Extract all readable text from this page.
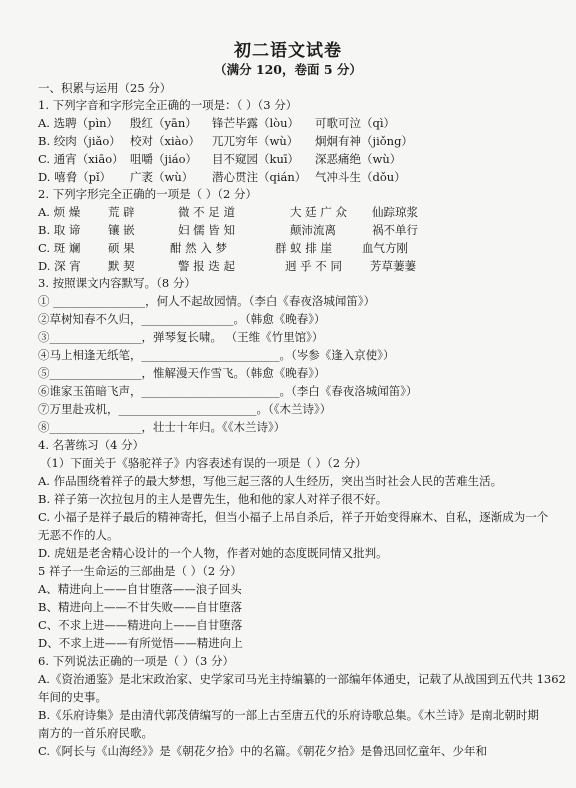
初二语文试卷
（满分 120，卷面 5 分）
一、积累与运用（25 分）
1. 下列字音和字形完全正确的一项是：（ ）（3 分）
A. 选聘（pìn） 殷红（yān） 锋芒毕露（lòu） 可歌可泣（qì）
B. 绞肉（jiǎo） 校对（xiào） 兀兀穷年（wù） 炯炯有神（jiǒng）
C. 通宵（xiāo） 咀嚼（jiáo） 目不窥园（kuī） 深恶痛绝（wù）
D. 嘻脅（pǐ） 广袤（wù） 潜心贯注（qián） 气冲斗生（dǒu）
2. 下列字形完全正确的一项是（ ）（2 分）
A. 烦 燥 荒 辟	微 不 足 道	大 廷 广 众 仙踪琼浆
B. 取 谛 镶 嵌	妇 儒 皆 知	颠沛流离	祸不单行
C. 斑 斓 硕 果	酣 然 入 梦	群 蚁 排 崖	血气方刚
D. 深 宵 默 契	警 报 迭 起	迥 乎 不 同 芳草萋萋
3. 按照课文内容默写。（8 分）
① ________________，何人不起故园情。（李白《春夜洛城闻笛》）
②草树知春不久归，________________。（韩愈《晚春》）
③________________，弹琴复长啸。 （王维《竹里馆》）
④马上相逢无纸笔，________________________。（岑参《逢入京使》）
⑤________________，惟解漫天作雪飞。（韩愈《晚春》）
⑥谁家玉笛暗飞声，________________________。（李白《春夜洛城闻笛》）
⑦万里赴戎机，________________________。（《木兰诗》）
⑧________________，壮士十年归。《《木兰诗》）
4. 名著练习（4 分）
（1）下面关于《骆驼祥子》内容表述有误的一项是（ ）（2 分）
A. 作品围绕着祥子的最大梦想，写他三起三落的人生经历，突出当时社会人民的苦难生活。
B. 祥子第一次拉包月的主人是曹先生，他和他的家人对祥子很不好。
C. 小福子是祥子最后的精神寄托，但当小福子上吊自杀后，祥子开始变得麻木、自私，逐渐成为一个
无恶不作的人。
D. 虎妞是老舍精心设计的一个人物，作者对她的态度既同情又批判。
5 祥子一生命运的三部曲是（ ）（2 分）
A、精进向上——自甘堕落——浪子回头
B、精进向上——不甘失败——自甘堕落
C、不求上进——精进向上——自甘堕落
D、不求上进——有所觉悟——精进向上
6. 下列说法正确的一项是（ ）（3 分）
A.《资治通鉴》是北宋政治家、史学家司马光主持编纂的一部编年体通史，记载了从战国到五代共 1362
年间的史事。
B.《乐府诗集》是由清代郭茂倩编写的一部上古至唐五代的乐府诗歌总集。《木兰诗》是南北朝时期
南方的一首乐府民歌。
C.《阿长与《山海经》》是《朝花夕拾》中的名篇。《朝花夕拾》是鲁迅回忆童年、少年和
